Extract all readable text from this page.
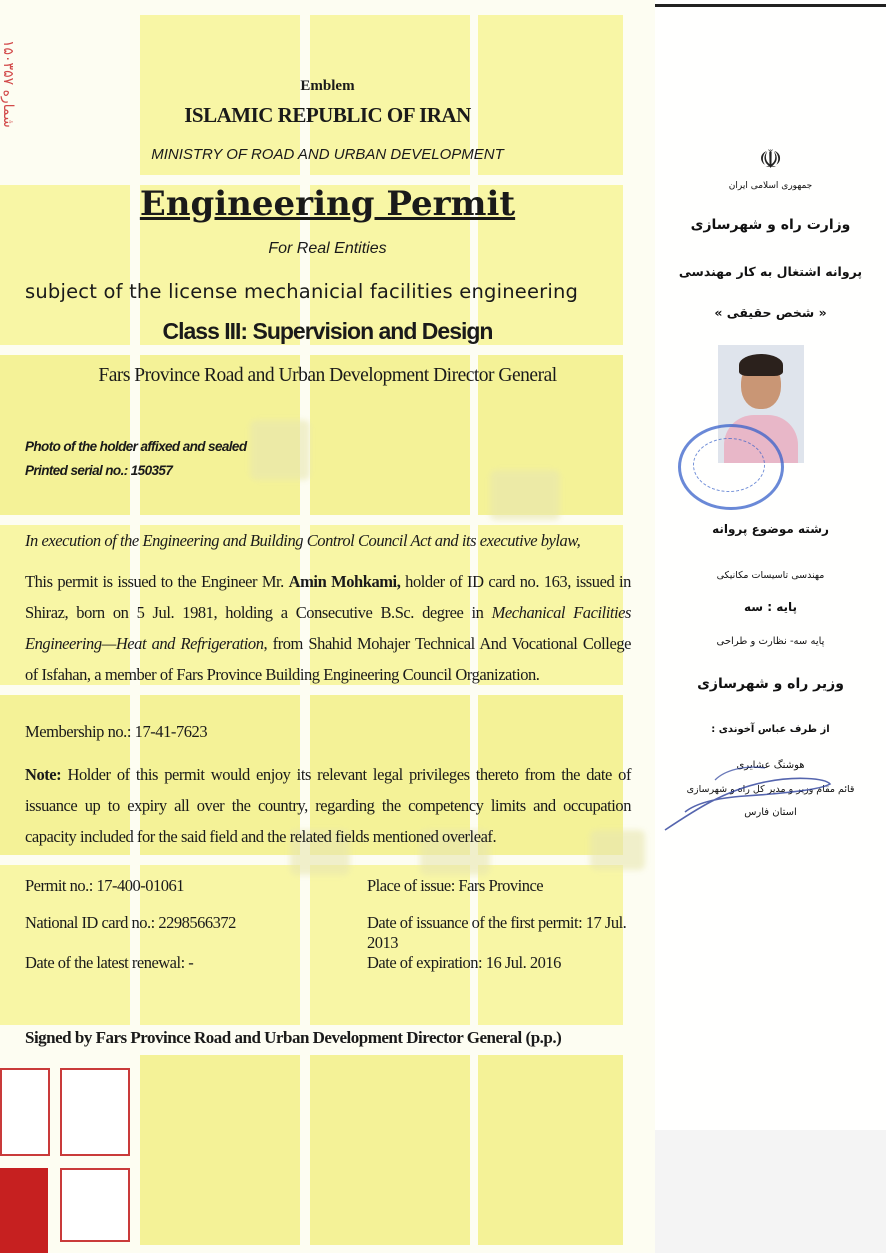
شماره ۱۵۰۳۵۷	Emblem
ISLAMIC REPUBLIC OF IRAN
MINISTRY OF ROAD AND URBAN DEVELOPMENT
Engineering Permit
For Real Entities
subject of the license mechanicial facilities engineering
Class III: Supervision and Design
Fars Province Road and Urban Development Director General
Photo of the holder affixed and sealed
Printed serial no.: 150357
In execution of the Engineering and Building Control Council Act and its executive bylaw,
This permit is issued to the Engineer Mr. Amin Mohkami, holder of ID card no. 163, issued in Shiraz, born on 5 Jul. 1981, holding a Consecutive B.Sc. degree in Mechanical Facilities Engineering—Heat and Refrigeration, from Shahid Mohajer Technical And Vocational College of Isfahan, a member of Fars Province Building Engineering Council Organization.
Membership no.: 17-41-7623
Note: Holder of this permit would enjoy its relevant legal privileges thereto from the date of issuance up to expiry all over the country, regarding the competency limits and occupation capacity included for the said field and the related fields mentioned overleaf.
Permit no.: 17-400-01061	Place of issue: Fars Province
National ID card no.: 2298566372	Date of issuance of the first permit: 17 Jul. 2013
Date of the latest renewal: -	Date of expiration: 16 Jul. 2016
Signed by Fars Province Road and Urban Development Director General (p.p.)
☫
جمهوری اسلامی ایران
وزارت راه و شهرسازی
پروانه اشتغال به کار مهندسی
« شخص حقیقی »
رشته موضوع پروانه
مهندسی تاسیسات مکانیکی
پایه : سه
پایه سه- نظارت و طراحی
وزیر راه و شهرسازی
از طرف عباس آخوندی :
هوشنگ عشایری
قائم مقام وزیر و مدیر کل راه و شهرسازی
استان فارس
